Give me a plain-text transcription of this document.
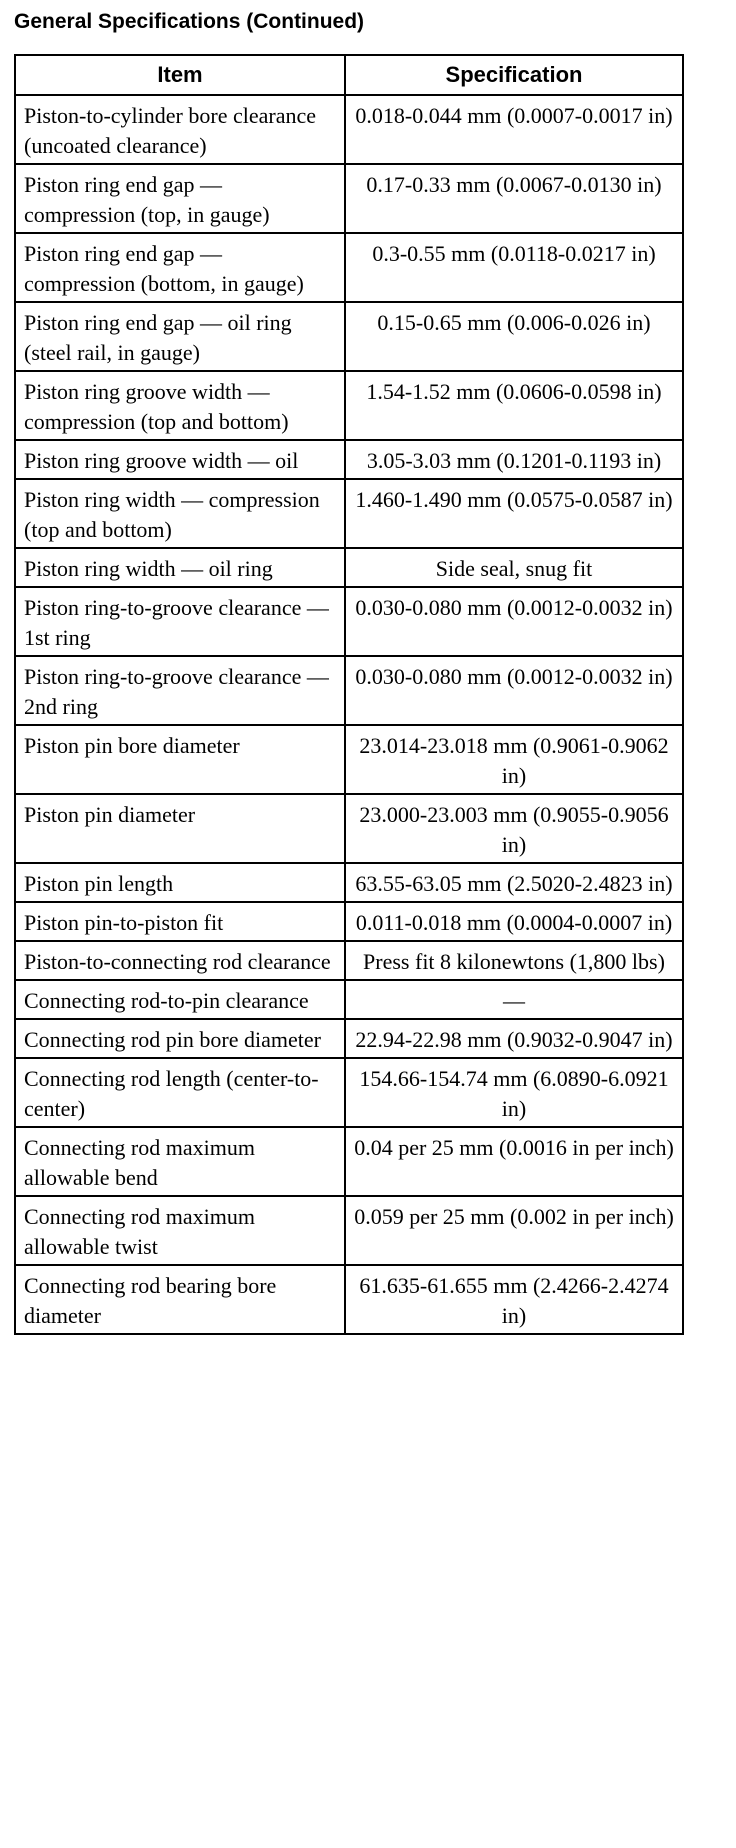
General Specifications (Continued)
Item	Specification
Piston-to-cylinder bore clearance (uncoated clearance)	0.018-0.044 mm (0.0007-0.0017 in)
Piston ring end gap — compression (top, in gauge)	0.17-0.33 mm (0.0067-0.0130 in)
Piston ring end gap — compression (bottom, in gauge)	0.3-0.55 mm (0.0118-0.0217 in)
Piston ring end gap — oil ring (steel rail, in gauge)	0.15-0.65 mm (0.006-0.026 in)
Piston ring groove width — compression (top and bottom)	1.54-1.52 mm (0.0606-0.0598 in)
Piston ring groove width — oil	3.05-3.03 mm (0.1201-0.1193 in)
Piston ring width — compression (top and bottom)	1.460-1.490 mm (0.0575-0.0587 in)
Piston ring width — oil ring	Side seal, snug fit
Piston ring-to-groove clearance — 1st ring	0.030-0.080 mm (0.0012-0.0032 in)
Piston ring-to-groove clearance — 2nd ring	0.030-0.080 mm (0.0012-0.0032 in)
Piston pin bore diameter	23.014-23.018 mm (0.9061-0.9062 in)
Piston pin diameter	23.000-23.003 mm (0.9055-0.9056 in)
Piston pin length	63.55-63.05 mm (2.5020-2.4823 in)
Piston pin-to-piston fit	0.011-0.018 mm (0.0004-0.0007 in)
Piston-to-connecting rod clearance	Press fit 8 kilonewtons (1,800 lbs)
Connecting rod-to-pin clearance	—
Connecting rod pin bore diameter	22.94-22.98 mm (0.9032-0.9047 in)
Connecting rod length (center-to-center)	154.66-154.74 mm (6.0890-6.0921 in)
Connecting rod maximum allowable bend	0.04 per 25 mm (0.0016 in per inch)
Connecting rod maximum allowable twist	0.059 per 25 mm (0.002 in per inch)
Connecting rod bearing bore diameter	61.635-61.655 mm (2.4266-2.4274 in)
